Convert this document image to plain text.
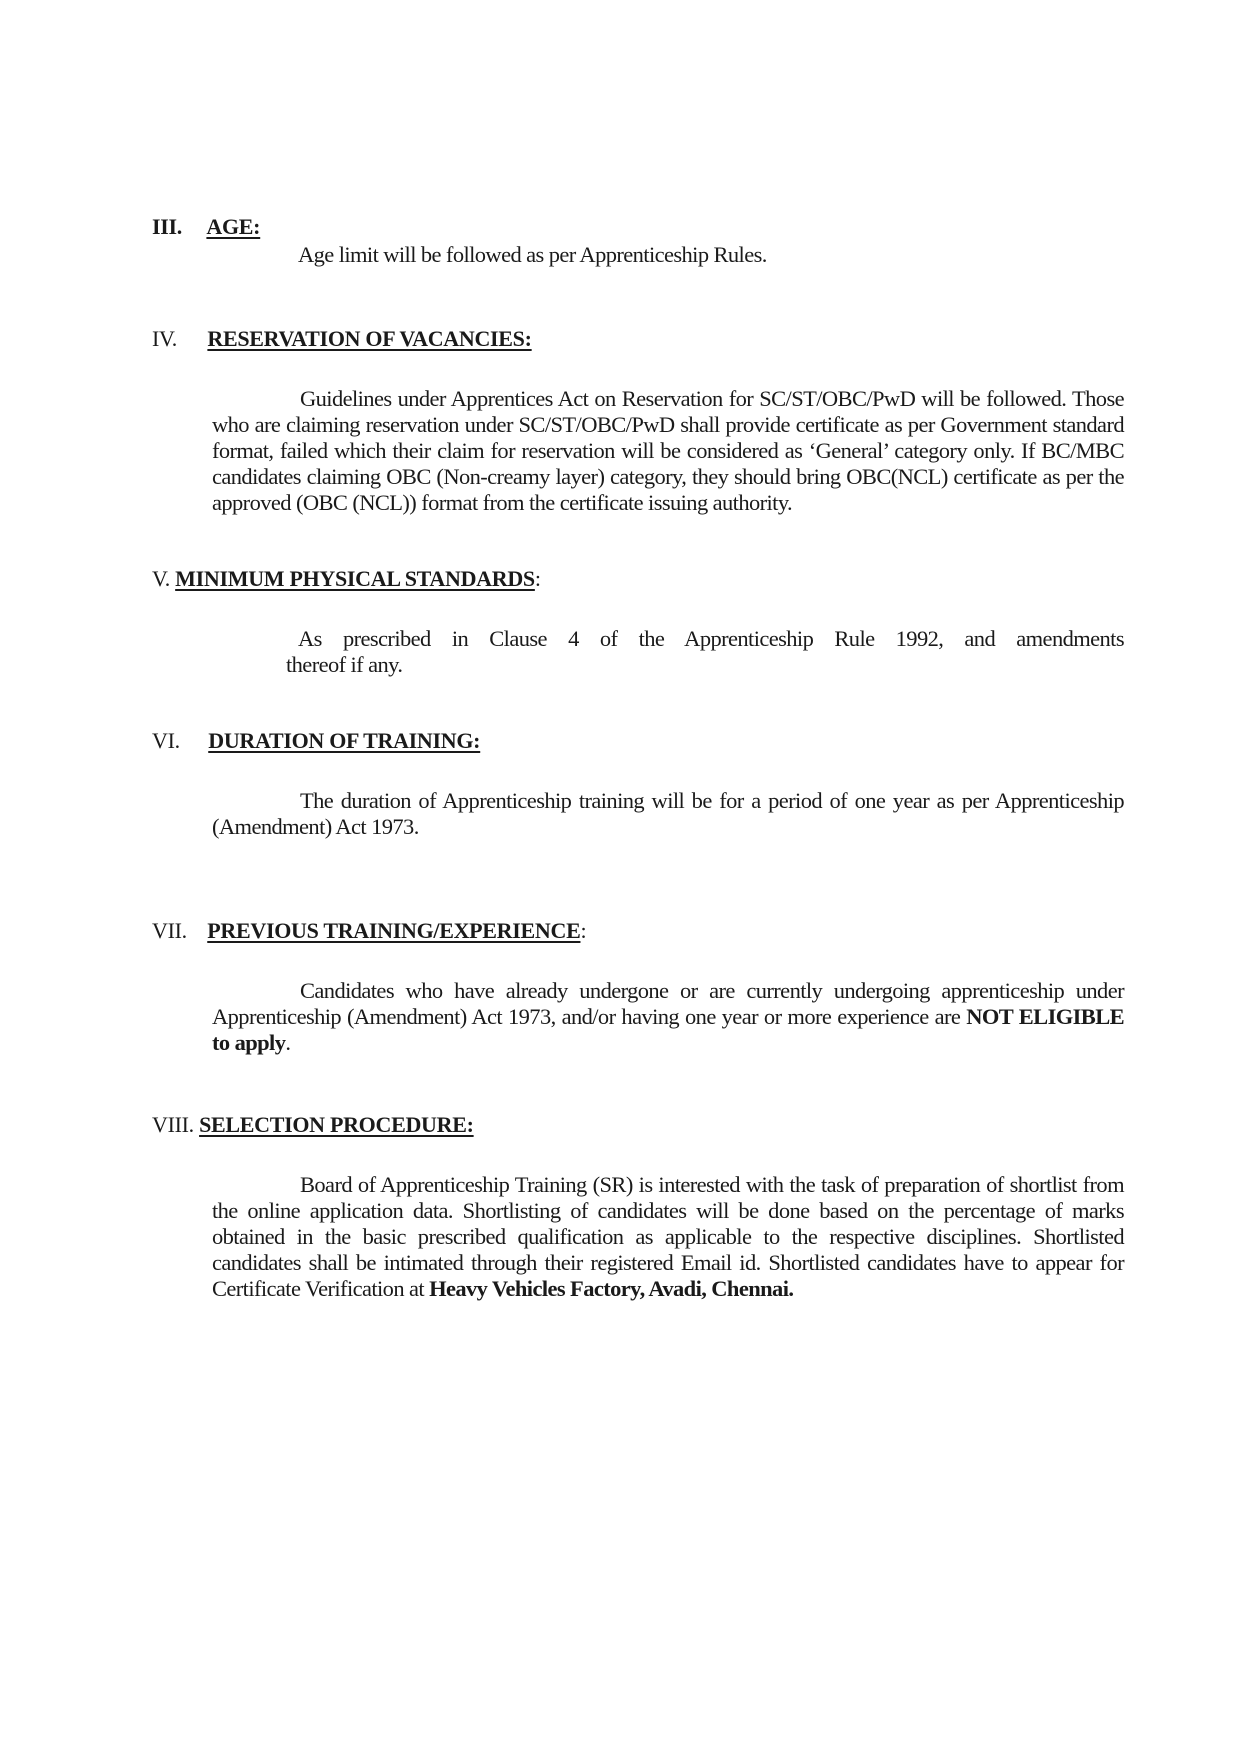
III. AGE:
Age limit will be followed as per Apprenticeship Rules.
IV. RESERVATION OF VACANCIES:
Guidelines under Apprentices Act on Reservation for SC/ST/OBC/PwD will be followed. Those who are claiming reservation under SC/ST/OBC/PwD shall provide certificate as per Government standard format, failed which their claim for reservation will be considered as ‘General’ category only. If BC/MBC candidates claiming OBC (Non-creamy layer) category, they should bring OBC(NCL) certificate as per the approved (OBC (NCL)) format from the certificate issuing authority.
V. MINIMUM PHYSICAL STANDARDS:
As prescribed in Clause 4 of the Apprenticeship Rule 1992, and amendments
thereof if any.
VI. DURATION OF TRAINING:
The duration of Apprenticeship training will be for a period of one year as per Apprenticeship (Amendment) Act 1973.
VII. PREVIOUS TRAINING/EXPERIENCE:
Candidates who have already undergone or are currently undergoing apprenticeship under Apprenticeship (Amendment) Act 1973, and/or having one year or more experience are NOT ELIGIBLE to apply.
VIII. SELECTION PROCEDURE:
Board of Apprenticeship Training (SR) is interested with the task of preparation of shortlist from the online application data. Shortlisting of candidates will be done based on the percentage of marks obtained in the basic prescribed qualification as applicable to the respective disciplines. Shortlisted candidates shall be intimated through their registered Email id. Shortlisted candidates have to appear for Certificate Verification at Heavy Vehicles Factory, Avadi, Chennai.
